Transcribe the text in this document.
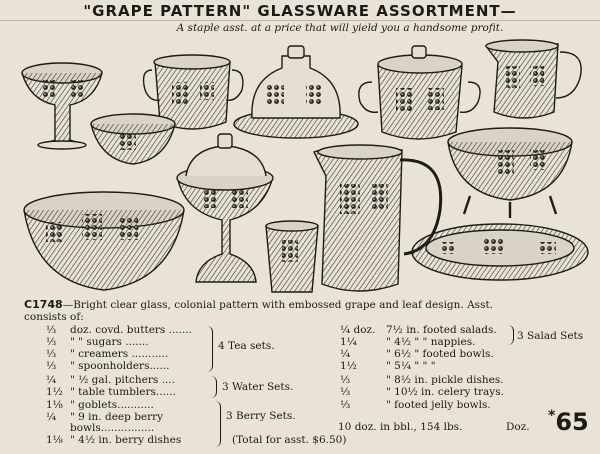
"GRAPE PATTERN" GLASSWARE ASSORTMENT—
A staple asst. at a price that will yield you a handsome profit.
C1748—Bright clear glass, colonial pattern with embossed grape and leaf design. Asst.
consists of:
⅓ doz. covd. butters .......
⅓ " " sugars .......
⅓ " creamers ...........
⅓ " spoonholders......
¼ " ½ gal. pitchers ....
1½ " table tumblers......
1⅛ " goblets...........
¼ " 9 in. deep berry
bowls................
1⅛ " 4½ in. berry dishes
4 Tea sets.
3 Water Sets.
3 Berry Sets.
(Total for asst. $6.50)
¼ doz. 7½ in. footed salads.
1¼	" 4½ " " nappies.
¼	" 6½ " footed bowls.
1½	" 5¼ " " "
⅓	" 8½ in. pickle dishes.
⅓	" 10½ in. celery trays.
⅓	" footed jelly bowls.
3 Salad Sets
10 doz. in bbl., 154 lbs.	Doz.
*65
